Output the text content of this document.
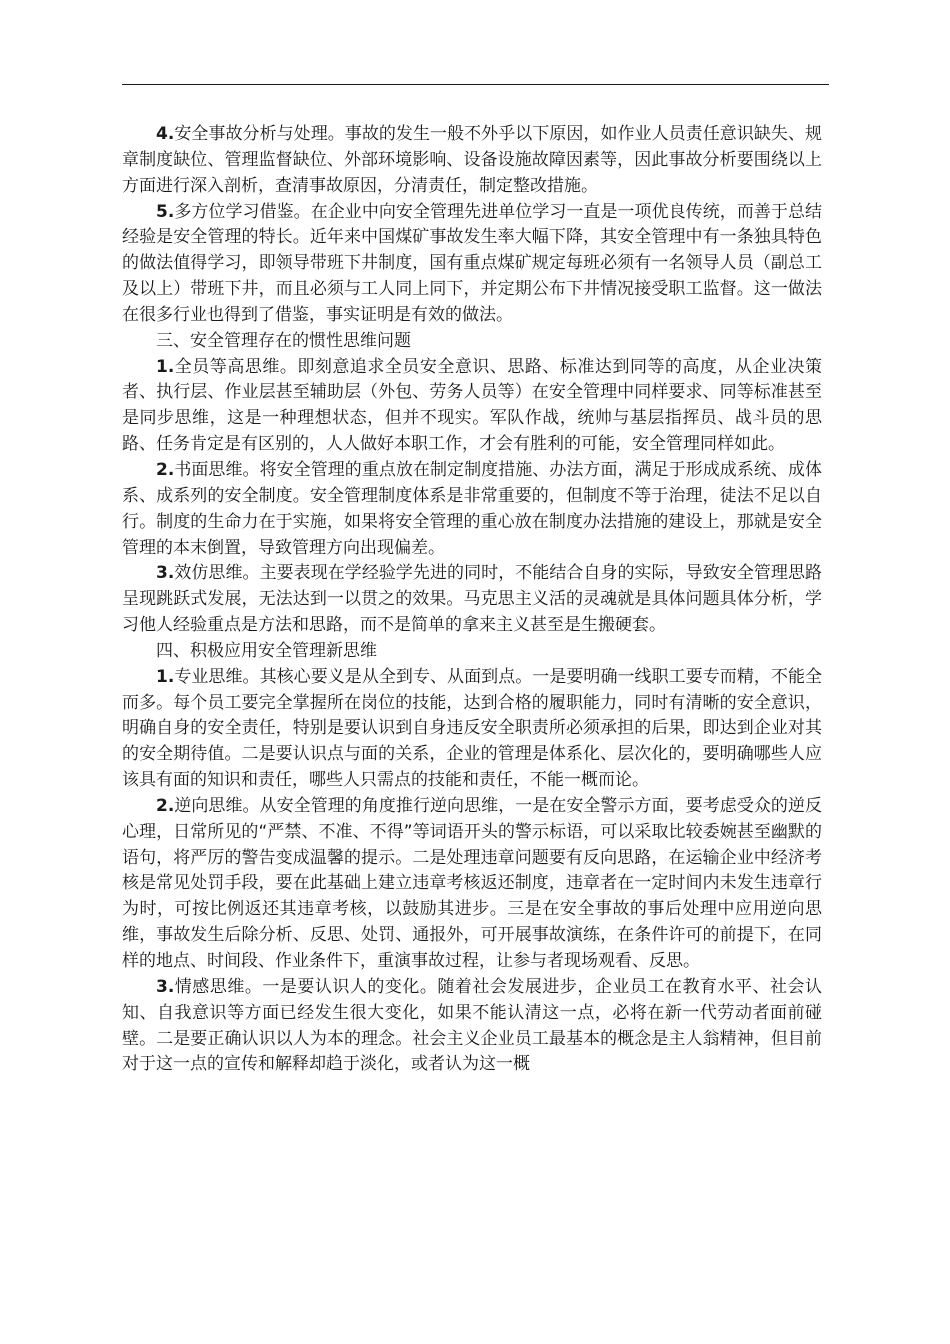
4.安全事故分析与处理。事故的发生一般不外乎以下原因，如作业人员责任意识缺失、规章制度缺位、管理监督缺位、外部环境影响、设备设施故障因素等，因此事故分析要围绕以上方面进行深入剖析，查清事故原因，分清责任，制定整改措施。

5.多方位学习借鉴。在企业中向安全管理先进单位学习一直是一项优良传统，而善于总结经验是安全管理的特长。近年来中国煤矿事故发生率大幅下降，其安全管理中有一条独具特色的做法值得学习，即领导带班下井制度，国有重点煤矿规定每班必须有一名领导人员（副总工及以上）带班下井，而且必须与工人同上同下，并定期公布下井情况接受职工监督。这一做法在很多行业也得到了借鉴，事实证明是有效的做法。

三、安全管理存在的惯性思维问题

1.全员等高思维。即刻意追求全员安全意识、思路、标准达到同等的高度，从企业决策者、执行层、作业层甚至辅助层（外包、劳务人员等）在安全管理中同样要求、同等标准甚至是同步思维，这是一种理想状态，但并不现实。军队作战，统帅与基层指挥员、战斗员的思路、任务肯定是有区别的，人人做好本职工作，才会有胜利的可能，安全管理同样如此。

2.书面思维。将安全管理的重点放在制定制度措施、办法方面，满足于形成成系统、成体系、成系列的安全制度。安全管理制度体系是非常重要的，但制度不等于治理，徒法不足以自行。制度的生命力在于实施，如果将安全管理的重心放在制度办法措施的建设上，那就是安全管理的本末倒置，导致管理方向出现偏差。

3.效仿思维。主要表现在学经验学先进的同时，不能结合自身的实际，导致安全管理思路呈现跳跃式发展，无法达到一以贯之的效果。马克思主义活的灵魂就是具体问题具体分析，学习他人经验重点是方法和思路，而不是简单的拿来主义甚至是生搬硬套。

四、积极应用安全管理新思维

1.专业思维。其核心要义是从全到专、从面到点。一是要明确一线职工要专而精，不能全而多。每个员工要完全掌握所在岗位的技能，达到合格的履职能力，同时有清晰的安全意识，明确自身的安全责任，特别是要认识到自身违反安全职责所必须承担的后果，即达到企业对其的安全期待值。二是要认识点与面的关系，企业的管理是体系化、层次化的，要明确哪些人应该具有面的知识和责任，哪些人只需点的技能和责任，不能一概而论。

2.逆向思维。从安全管理的角度推行逆向思维，一是在安全警示方面，要考虑受众的逆反心理，日常所见的“严禁、不准、不得”等词语开头的警示标语，可以采取比较委婉甚至幽默的语句，将严厉的警告变成温馨的提示。二是处理违章问题要有反向思路，在运输企业中经济考核是常见处罚手段，要在此基础上建立违章考核返还制度，违章者在一定时间内未发生违章行为时，可按比例返还其违章考核，以鼓励其进步。三是在安全事故的事后处理中应用逆向思维，事故发生后除分析、反思、处罚、通报外，可开展事故演练，在条件许可的前提下，在同样的地点、时间段、作业条件下，重演事故过程，让参与者现场观看、反思。

3.情感思维。一是要认识人的变化。随着社会发展进步，企业员工在教育水平、社会认知、自我意识等方面已经发生很大变化，如果不能认清这一点，必将在新一代劳动者面前碰壁。二是要正确认识以人为本的理念。社会主义企业员工最基本的概念是主人翁精神，但目前对于这一点的宣传和解释却趋于淡化，或者认为这一概
